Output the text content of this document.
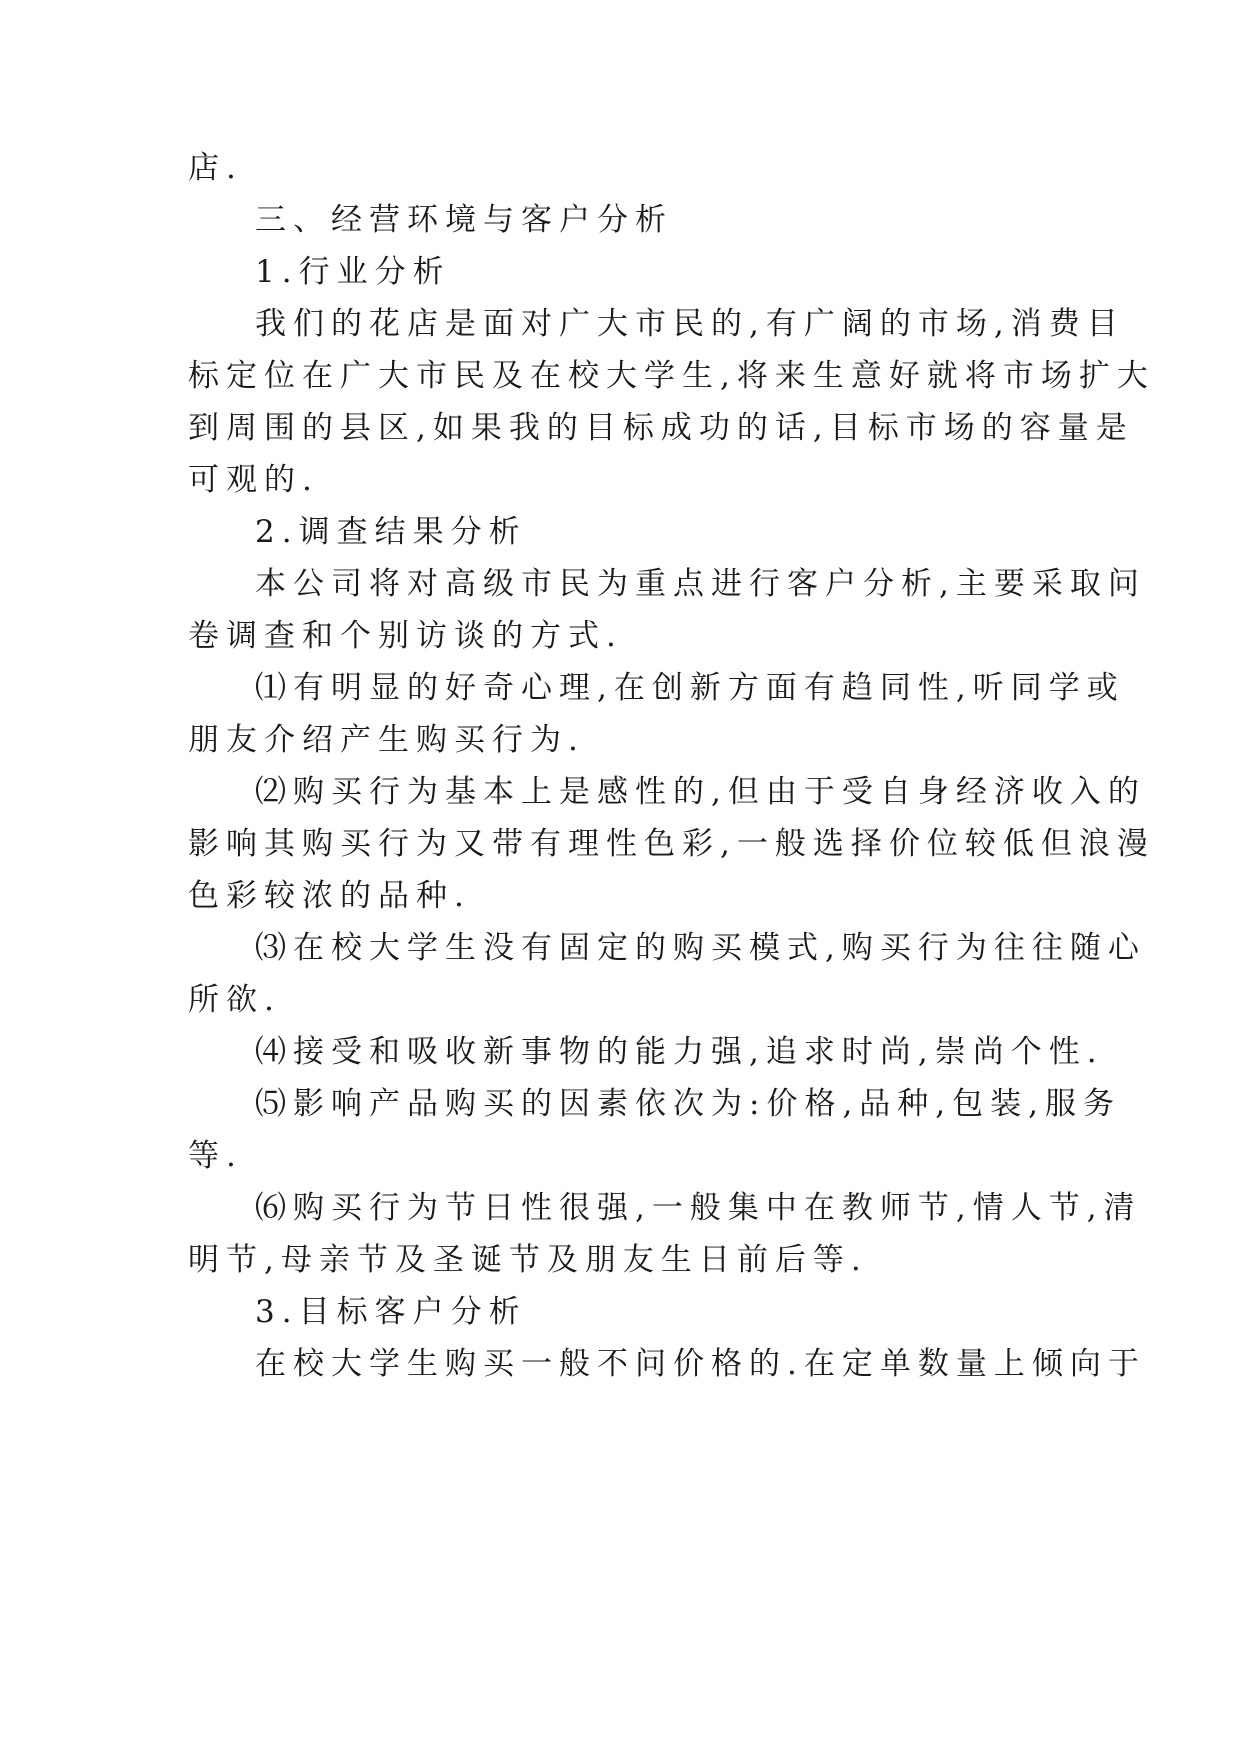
店.
三、经营环境与客户分析
1.行业分析
我们的花店是面对广大市民的,有广阔的市场,消费目
标定位在广大市民及在校大学生,将来生意好就将市场扩大
到周围的县区,如果我的目标成功的话,目标市场的容量是
可观的.
2.调查结果分析
本公司将对高级市民为重点进行客户分析,主要采取问
卷调查和个别访谈的方式.
⑴有明显的好奇心理,在创新方面有趋同性,听同学或
朋友介绍产生购买行为.
⑵购买行为基本上是感性的,但由于受自身经济收入的
影响其购买行为又带有理性色彩,一般选择价位较低但浪漫
色彩较浓的品种.
⑶在校大学生没有固定的购买模式,购买行为往往随心
所欲.
⑷接受和吸收新事物的能力强,追求时尚,崇尚个性.
⑸影响产品购买的因素依次为:价格,品种,包装,服务
等.
⑹购买行为节日性很强,一般集中在教师节,情人节,清
明节,母亲节及圣诞节及朋友生日前后等.
3.目标客户分析
在校大学生购买一般不问价格的.在定单数量上倾向于
